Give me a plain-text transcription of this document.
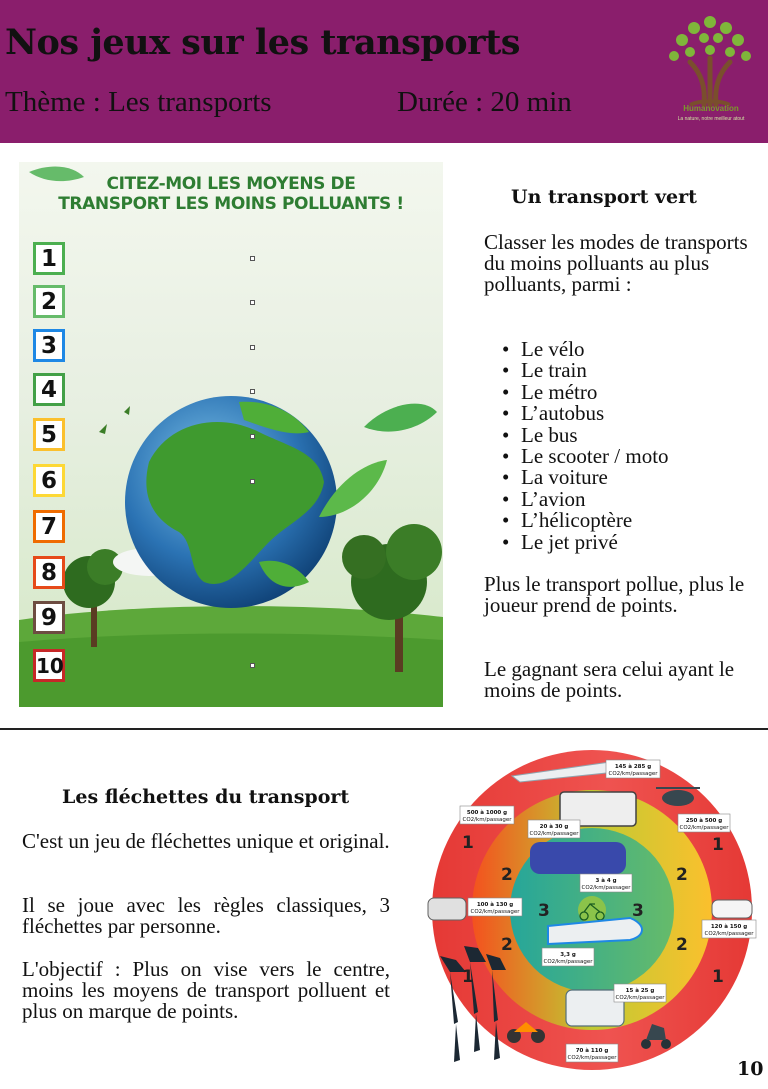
Nos jeux sur les transports
Thème : Les transports	Durée : 20 min	Humanovation
La nature, notre meilleur atout
CITEZ-MOI LES MOYENS DE
TRANSPORT LES MOINS POLLUANTS !
1
2
3
4
5
6
7
8
9
10
Un transport vert
Classer les modes de transports du moins polluants au plus polluants, parmi :
• Le vélo
• Le train
• Le métro
• L’autobus
• Le bus
• Le scooter / moto
• La voiture
• L’avion
• L’hélicoptère
• Le jet privé
Plus le transport pollue, plus le joueur prend de points.
Le gagnant sera celui ayant le moins de points.
Les fléchettes du transport
C'est un jeu de fléchettes unique et original.
Il se joue avec les règles classiques, 3 fléchettes par personne.
L'objectif : Plus on vise vers le centre, moins les moyens de transport polluent et plus on marque de points.
145 à 285 g
CO2/km/passager
250 à 500 g
CO2/km/passager
500 à 1000 g
CO2/km/passager
20 à 30 g
CO2/km/passager
3 à 4 g
CO2/km/passager
100 à 130 g
CO2/km/passager
120 à 150 g
CO2/km/passager
3,3 g
CO2/km/passager
15 à 25 g
CO2/km/passager
70 à 110 g
CO2/km/passager
1	1
1
1
2	2
2
2
3	3
10
